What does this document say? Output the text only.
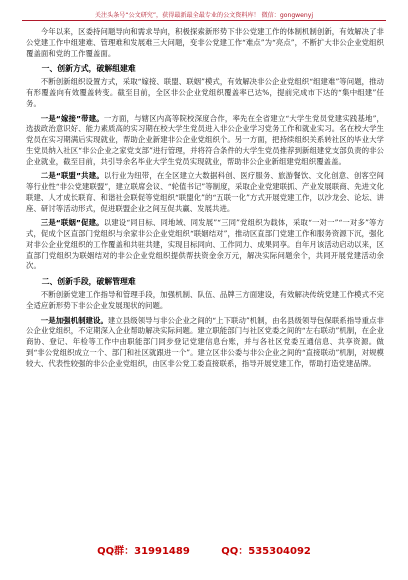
关注头条号“公文研究”，获得最新最全最专业的公文资料库！ 微信：gongwenyj

今年以来，区委持问题导向和需求导向，积极探索新形势下非公党建工作的体制机制创新，有效解决了非公党建工作中组建难、管理难和发展难三大问题，变非公党建工作“难点”为“亮点”，不断扩大非公企业党组织覆盖面和党的工作覆盖面。

一、创新方式，破解组建难

不断创新组织设置方式，采取“嫁接、联盟、联姻”模式，有效解决非公企业党组织“组建难”等问题，推动有形覆盖向有效覆盖转变。截至目前，全区非公企业党组织覆盖率已达%，提前完成市下达的“集中组建”任务。

一是“嫁接”带建。一方面，与辖区内高等院校深度合作，率先在全省建立“大学生党员党建实践基地”，选拔政治意识好、能力素质高的实习期在校大学生党员进入非公企业学习党务工作和就业实习。名在校大学生党员在实习期满后实现就业，帮助企业新建非公企业党组织个。另一方面，把持续组织关系转社区的毕业大学生党员纳入社区“非公企业之家党支部”进行管理，并将符合条件的大学生党员推荐到新组建党支部负责的非公企业就业，截至目前，共引导余名毕业大学生党员实现就业，帮助非公企业新组建党组织覆盖盖。

二是“联盟”共建。以行业为纽带，在全区建立大数据科创、医疗服务、旅游餐饮、文化创意、创客空间等行业性“非公党建联盟”，建立联席会议、“轮值书记”等制度，采取企业党建联抓、产业发展联商、先进文化联建、人才成长联育、和谐社会联促等党组织“联盟化”的“五联一化”方式开展党建工作，以沙龙会、论坛、讲座、研讨等活动形式，促进联盟企业之间互促共赢、发展共进。

三是“联姻”促建。以建设“同目标、同地域、同发展”“三同”党组织为载体，采取“一对一”“一对多”等方式，促成个区直部门党组织与余家非公企业党组织“联姻结对”，推动区直部门党建工作和服务资源下沉，强化对非公企业党组织的工作覆盖和共驻共建，实现目标同向、工作同力、成果同享。自年月该活动启动以来，区直部门党组织为联姻结对的非公企业党组织提供帮扶资金余万元，解决实际问题余个，共同开展党建活动余次。

二、创新手段，破解管理难

不断创新党建工作指导和管理手段，加强机制、队伍、品牌三方面建设，有效解决传统党建工作模式不完全适应新形势下非公企业发展现状的问题。

一是加强机制建设。建立县级领导与非公企业之间的“上下联动”机制，由名县级领导包保联系指导重点非公企业党组织，不定期深入企业帮助解决实际问题。建立职能部门与社区党委之间的“左右联动”机制，在企业商协、登记、年检等工作中由职能部门同步登记党建信息台账，并与各社区党委互通信息、共享资源。做到“非公党组织成立一个、部门和社区就跟进一个”。建立区非公委与非公企业之间的“直接联动”机制，对规模较大、代表性较强的非公企业党组织，由区非公党工委直接联系，指导开展党建工作，帮助打造党建品牌。

QQ群：31991489	QQ：535304092
